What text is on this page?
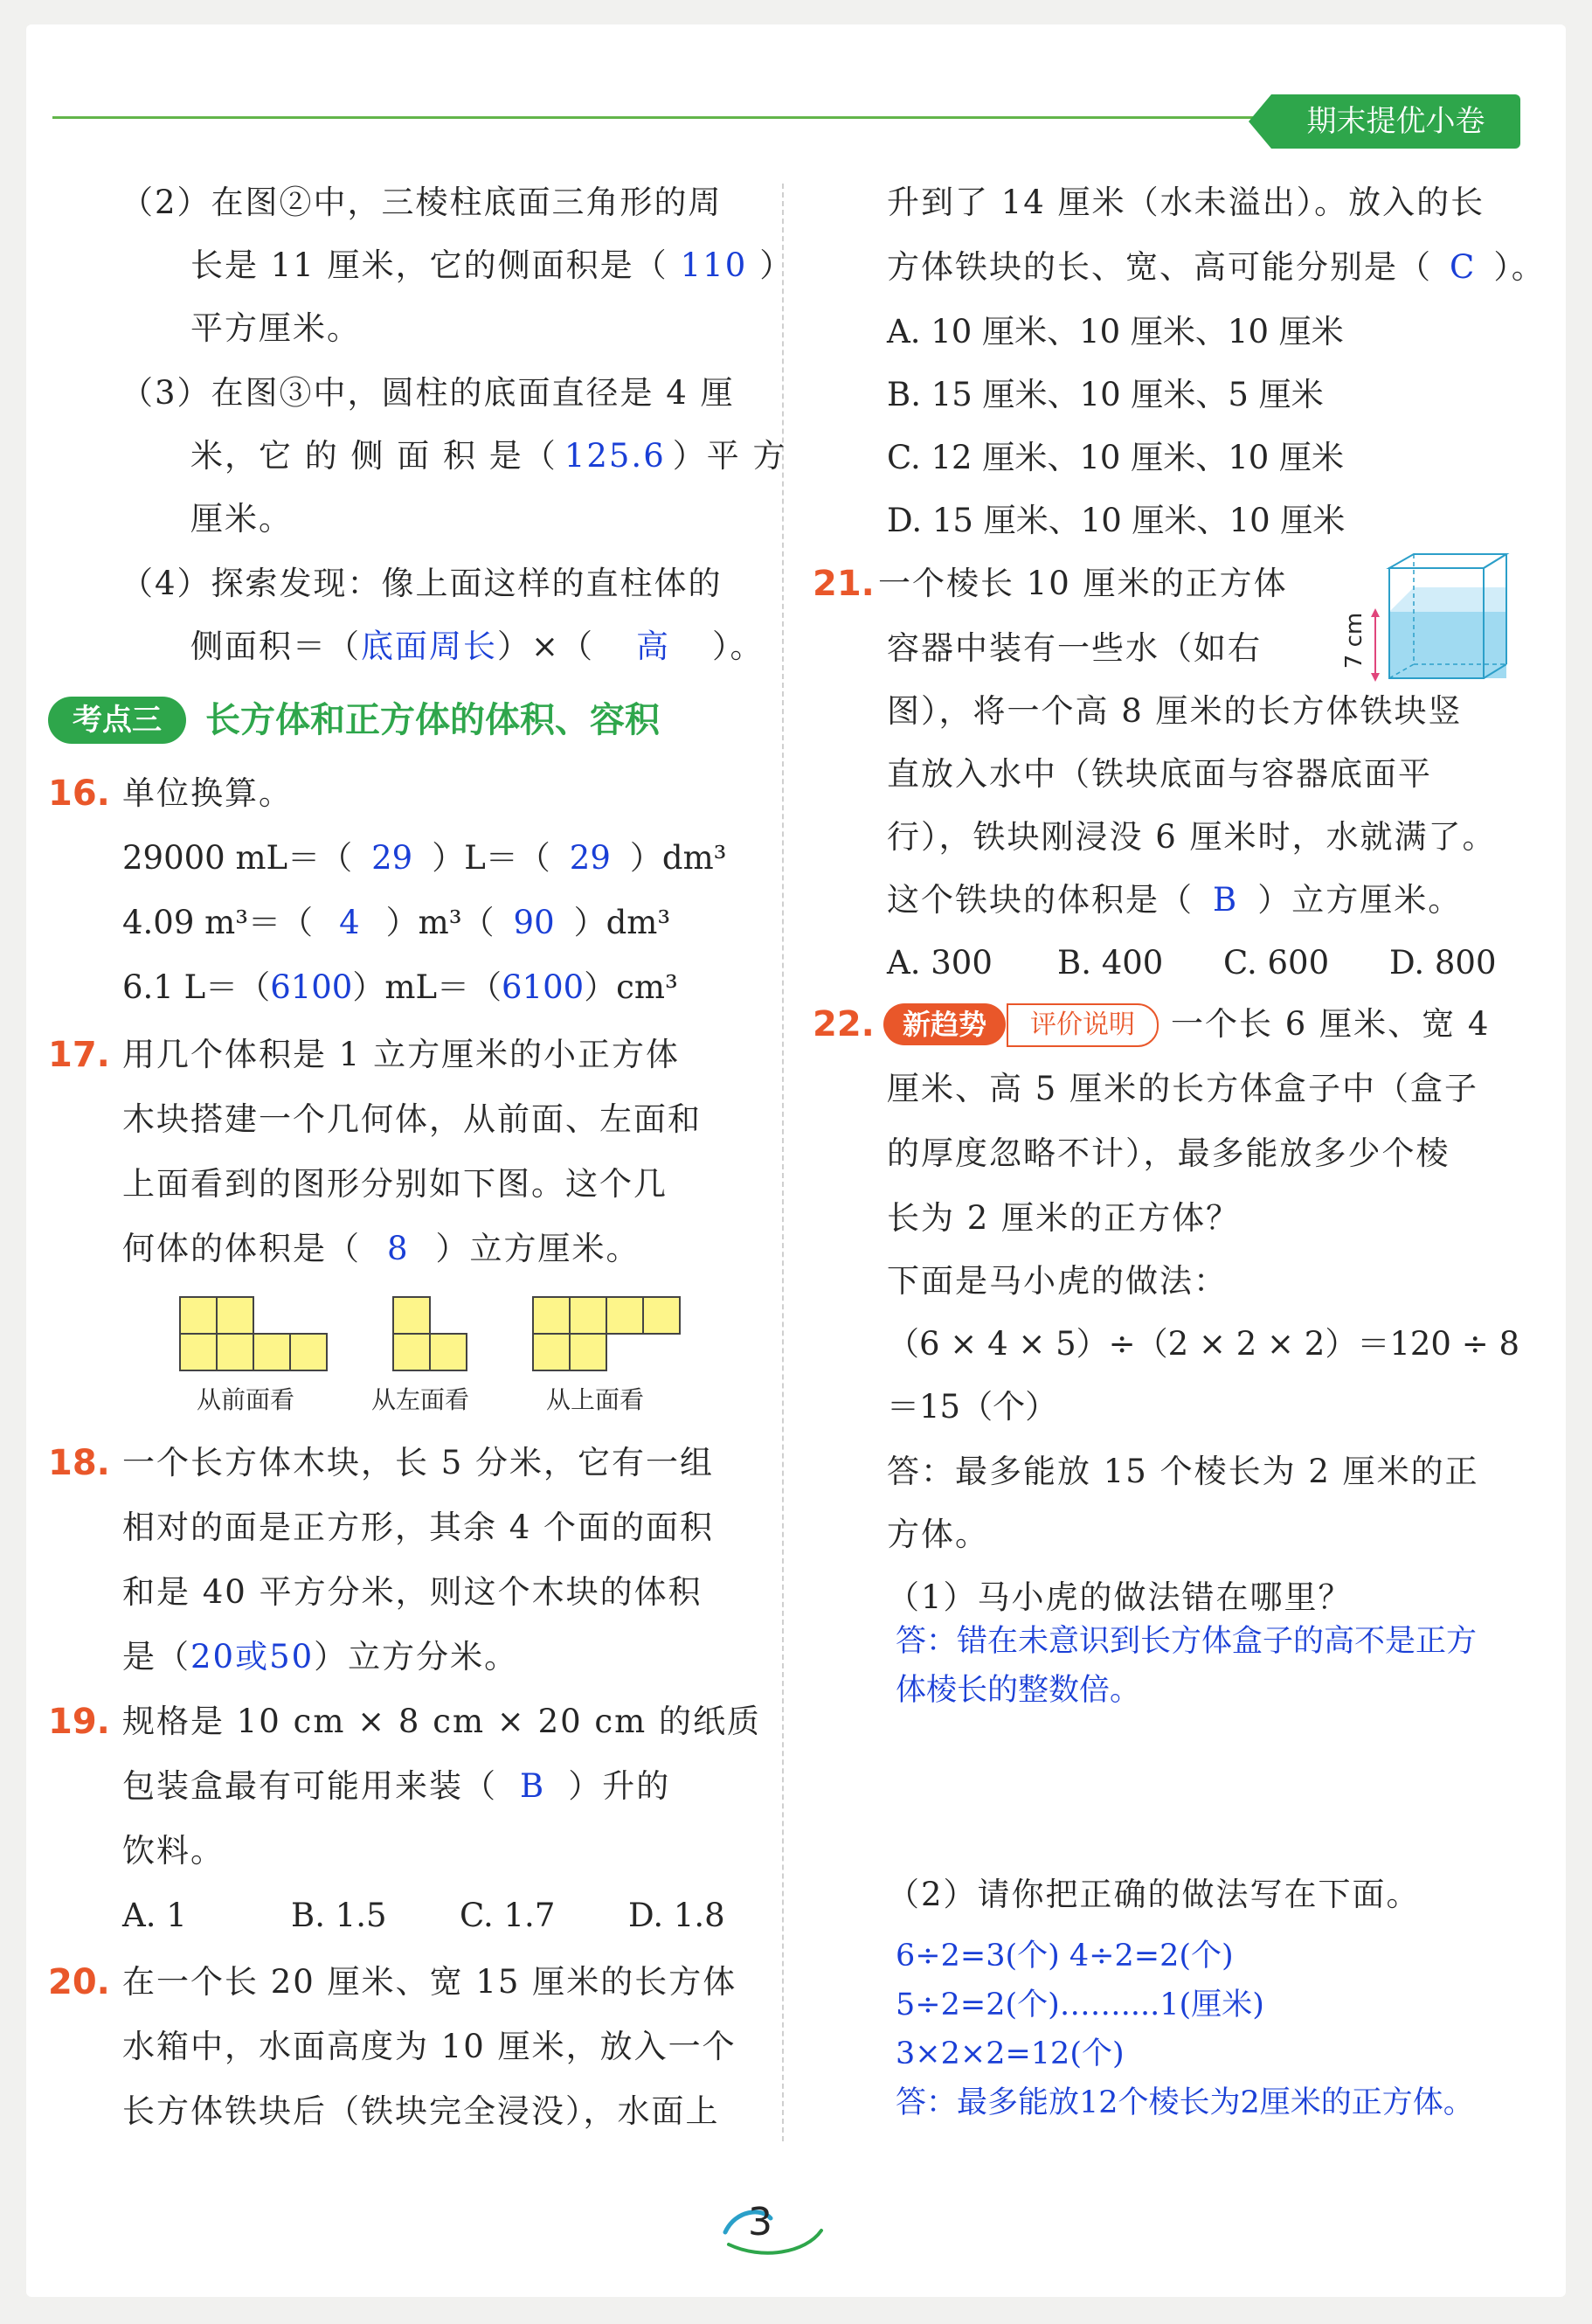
期末提优小卷
（2）在图②中，三棱柱底面三角形的周
长是 11 厘米，它的侧面积是（ 110 ）
平方厘米。
（3）在图③中，圆柱的底面直径是 4 厘
米，它 的 侧 面 积 是（ 125.6 ）平 方
厘米。
（4）探索发现：像上面这样的直柱体的
侧面积＝（底面周长）×（ 高 ）。
考点三	长方体和正方体的体积、容积
16. 单位换算。
29000 mL＝（ 29 ）L＝（ 29 ）dm³
4.09 m³＝（ 4 ）m³（ 90 ）dm³
6.1 L＝（6100）mL＝（6100）cm³
17. 用几个体积是 1 立方厘米的小正方体
木块搭建一个几何体，从前面、左面和
上面看到的图形分别如下图。这个几
何体的体积是（ 8 ）立方厘米。
从前面看	从左面看	从上面看
18. 一个长方体木块，长 5 分米，它有一组
相对的面是正方形，其余 4 个面的面积
和是 40 平方分米，则这个木块的体积
是（20或50）立方分米。
19. 规格是 10 cm × 8 cm × 20 cm 的纸质
包装盒最有可能用来装（ B ）升的
饮料。
A. 1	B. 1.5 C. 1.7 D. 1.8
20. 在一个长 20 厘米、宽 15 厘米的长方体
水箱中，水面高度为 10 厘米，放入一个
长方体铁块后（铁块完全浸没），水面上
升到了 14 厘米（水未溢出）。放入的长
方体铁块的长、宽、高可能分别是（ C ）。
A. 10 厘米、10 厘米、10 厘米
B. 15 厘米、10 厘米、5 厘米
C. 12 厘米、10 厘米、10 厘米
D. 15 厘米、10 厘米、10 厘米
21. 一个棱长 10 厘米的正方体
容器中装有一些水（如右	7 cm
图），将一个高 8 厘米的长方体铁块竖
直放入水中（铁块底面与容器底面平
行），铁块刚浸没 6 厘米时，水就满了。
这个铁块的体积是（ B ）立方厘米。
A. 300 B. 400 C. 600 D. 800
22.	新趋势	评价说明	一个长 6 厘米、宽 4
厘米、高 5 厘米的长方体盒子中（盒子
的厚度忽略不计），最多能放多少个棱
长为 2 厘米的正方体？
下面是马小虎的做法：
（6 × 4 × 5）÷（2 × 2 × 2）＝120 ÷ 8
＝15（个）
答：最多能放 15 个棱长为 2 厘米的正
方体。
（1）马小虎的做法错在哪里？
答：错在未意识到长方体盒子的高不是正方
体棱长的整数倍。
（2）请你把正确的做法写在下面。
6÷2=3(个) 4÷2=2(个)
5÷2=2(个)……....1(厘米)
3×2×2=12(个)
答：最多能放12个棱长为2厘米的正方体。
3
